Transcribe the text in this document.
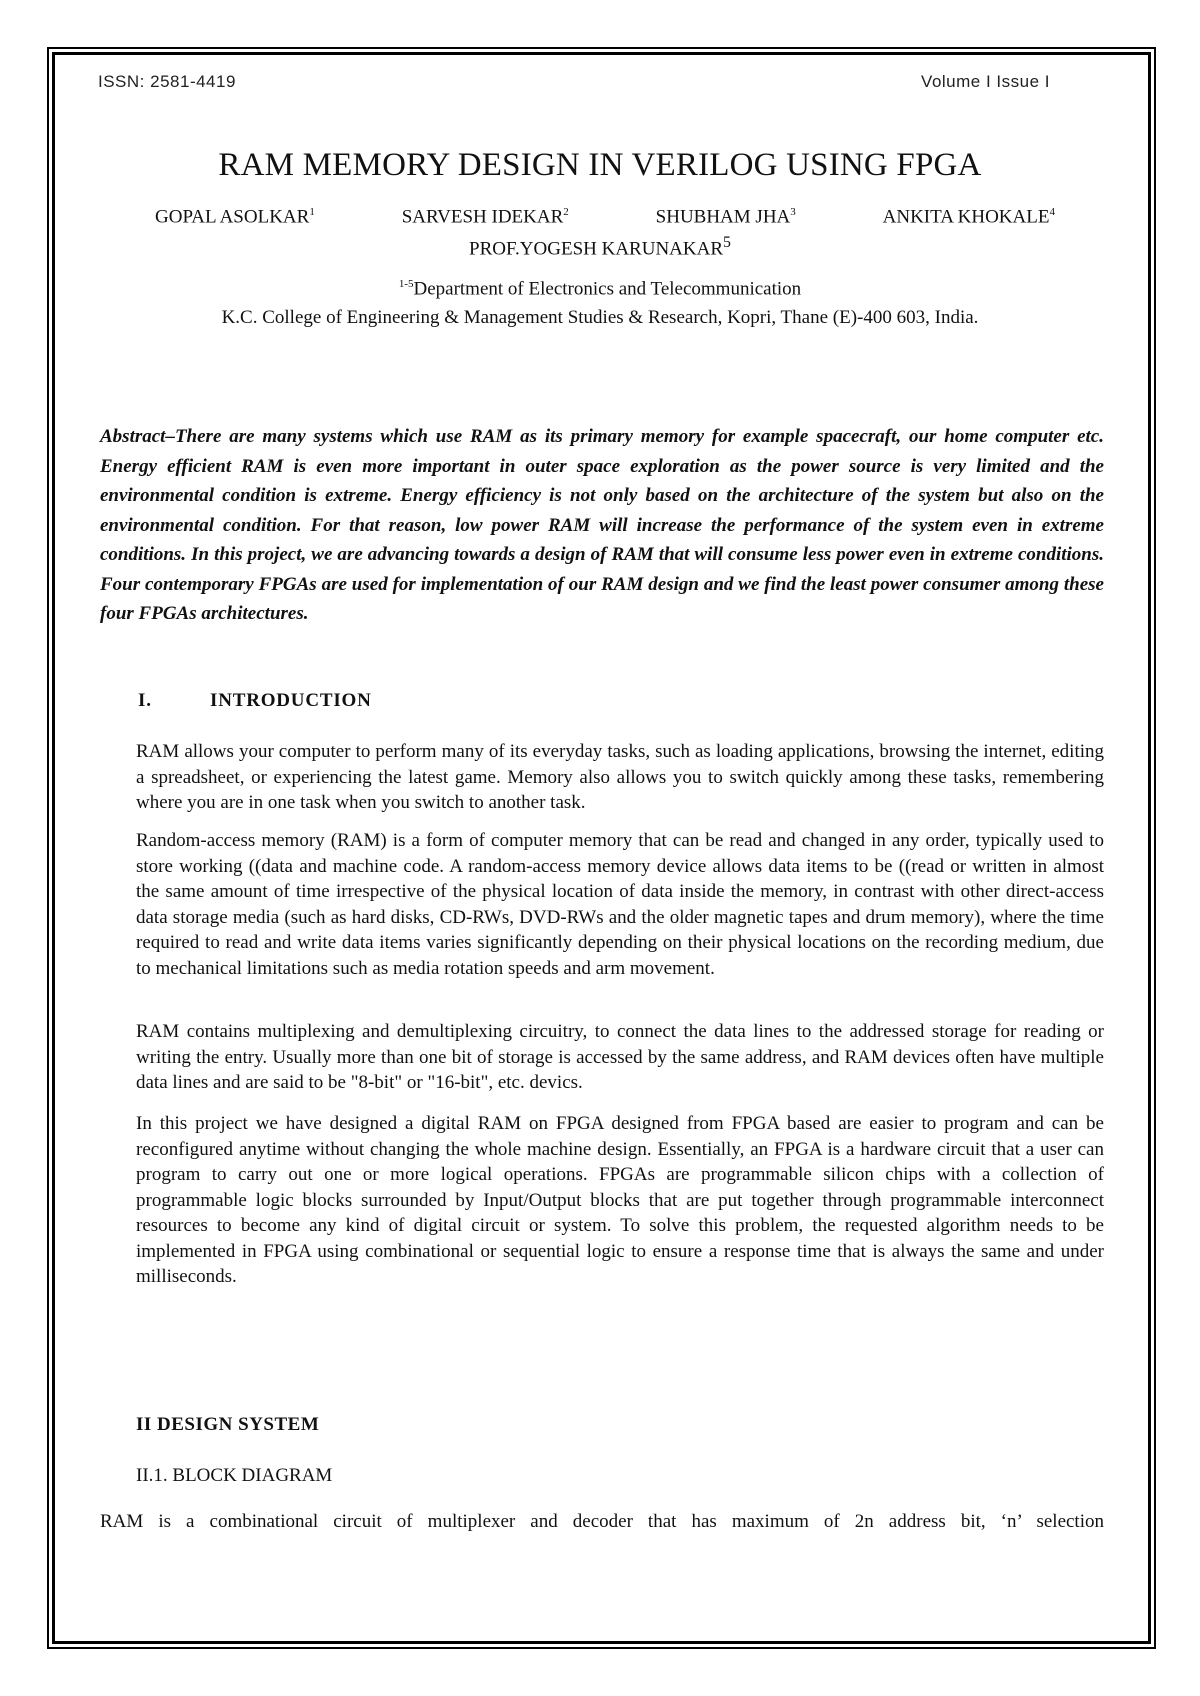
ISSN: 2581-4419	Volume I Issue I
RAM MEMORY DESIGN IN VERILOG USING FPGA
GOPAL ASOLKAR$^1$	SARVESH IDEKAR$^2$	SHUBHAM JHA$^3$	ANKITA KHOKALE$^4$
PROF.YOGESH KARUNAKAR$^5$
$^{1-5}$Department of Electronics and Telecommunication
K.C. College of Engineering & Management Studies & Research, Kopri, Thane (E)-400 603, India.

Abstract–There are many systems which use RAM as its primary memory for example spacecraft, our home computer etc. Energy efficient RAM is even more important in outer space exploration as the power source is very limited and the environmental condition is extreme. Energy efficiency is not only based on the architecture of the system but also on the environmental condition. For that reason, low power RAM will increase the performance of the system even in extreme conditions. In this project, we are advancing towards a design of RAM that will consume less power even in extreme conditions. Four contemporary FPGAs are used for implementation of our RAM design and we find the least power consumer among these four FPGAs architectures.

I.	INTRODUCTION

RAM allows your computer to perform many of its everyday tasks, such as loading applications, browsing the internet, editing a spreadsheet, or experiencing the latest game. Memory also allows you to switch quickly among these tasks, remembering where you are in one task when you switch to another task.

Random-access memory (RAM) is a form of computer memory that can be read and changed in any order, typically used to store working ((data and machine code. A random-access memory device allows data items to be ((read or written in almost the same amount of time irrespective of the physical location of data inside the memory, in contrast with other direct-access data storage media (such as hard disks, CD-RWs, DVD-RWs and the older magnetic tapes and drum memory), where the time required to read and write data items varies significantly depending on their physical locations on the recording medium, due to mechanical limitations such as media rotation speeds and arm movement.

RAM contains multiplexing and demultiplexing circuitry, to connect the data lines to the addressed storage for reading or writing the entry. Usually more than one bit of storage is accessed by the same address, and RAM devices often have multiple data lines and are said to be "8-bit" or "16-bit", etc. devics.

In this project we have designed a digital RAM on FPGA designed from FPGA based are easier to program and can be reconfigured anytime without changing the whole machine design. Essentially, an FPGA is a hardware circuit that a user can program to carry out one or more logical operations. FPGAs are programmable silicon chips with a collection of programmable logic blocks surrounded by Input/Output blocks that are put together through programmable interconnect resources to become any kind of digital circuit or system. To solve this problem, the requested algorithm needs to be implemented in FPGA using combinational or sequential logic to ensure a response time that is always the same and under milliseconds.

II DESIGN SYSTEM
II.1. BLOCK DIAGRAM

RAM is a combinational circuit of multiplexer and decoder that has maximum of 2n address bit, ‘n’ selection
